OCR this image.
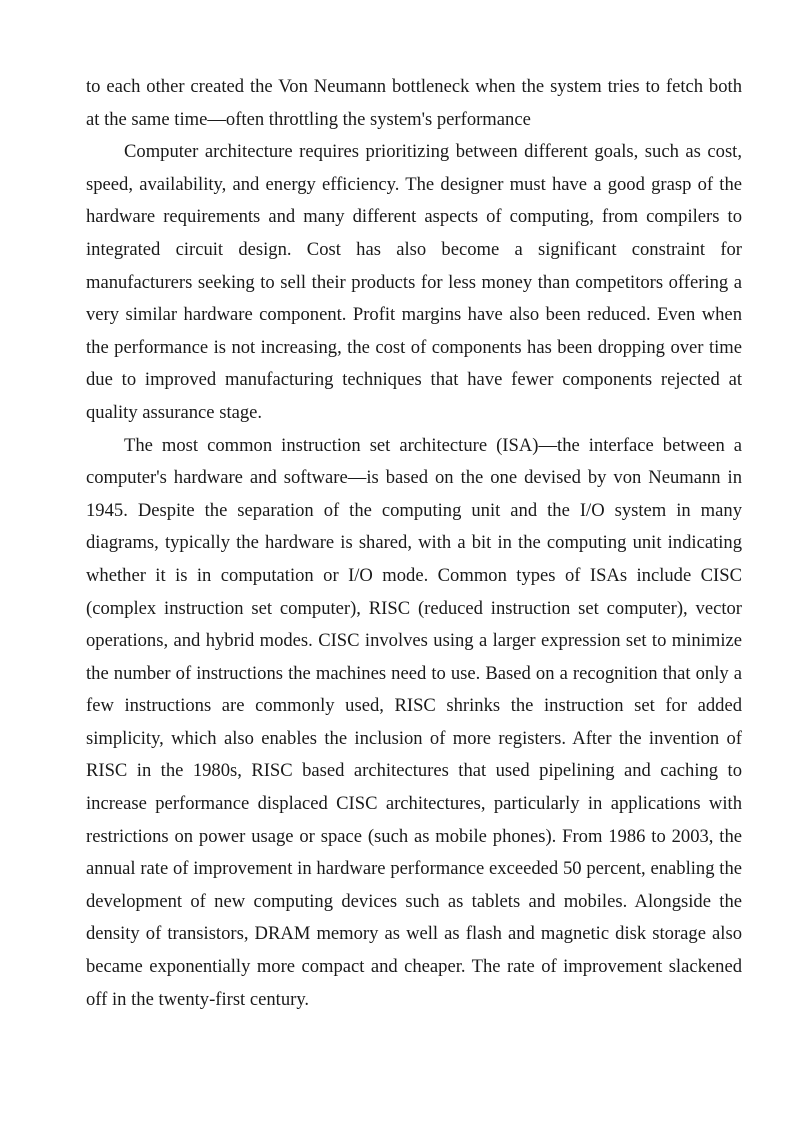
to each other created the Von Neumann bottleneck when the system tries to fetch both at the same time—often throttling the system's performance

Computer architecture requires prioritizing between different goals, such as cost, speed, availability, and energy efficiency. The designer must have a good grasp of the hardware requirements and many different aspects of computing, from compilers to integrated circuit design. Cost has also become a significant constraint for manufacturers seeking to sell their products for less money than competitors offering a very similar hardware component. Profit margins have also been reduced. Even when the performance is not increasing, the cost of components has been dropping over time due to improved manufacturing techniques that have fewer components rejected at quality assurance stage.

The most common instruction set architecture (ISA)—the interface between a computer's hardware and software—is based on the one devised by von Neumann in 1945. Despite the separation of the computing unit and the I/O system in many diagrams, typically the hardware is shared, with a bit in the computing unit indicating whether it is in computation or I/O mode. Common types of ISAs include CISC (complex instruction set computer), RISC (reduced instruction set computer), vector operations, and hybrid modes. CISC involves using a larger expression set to minimize the number of instructions the machines need to use. Based on a recognition that only a few instructions are commonly used, RISC shrinks the instruction set for added simplicity, which also enables the inclusion of more registers. After the invention of RISC in the 1980s, RISC based architectures that used pipelining and caching to increase performance displaced CISC architectures, particularly in applications with restrictions on power usage or space (such as mobile phones). From 1986 to 2003, the annual rate of improvement in hardware performance exceeded 50 percent, enabling the development of new computing devices such as tablets and mobiles. Alongside the density of transistors, DRAM memory as well as flash and magnetic disk storage also became exponentially more compact and cheaper. The rate of improvement slackened off in the twenty-first century.
